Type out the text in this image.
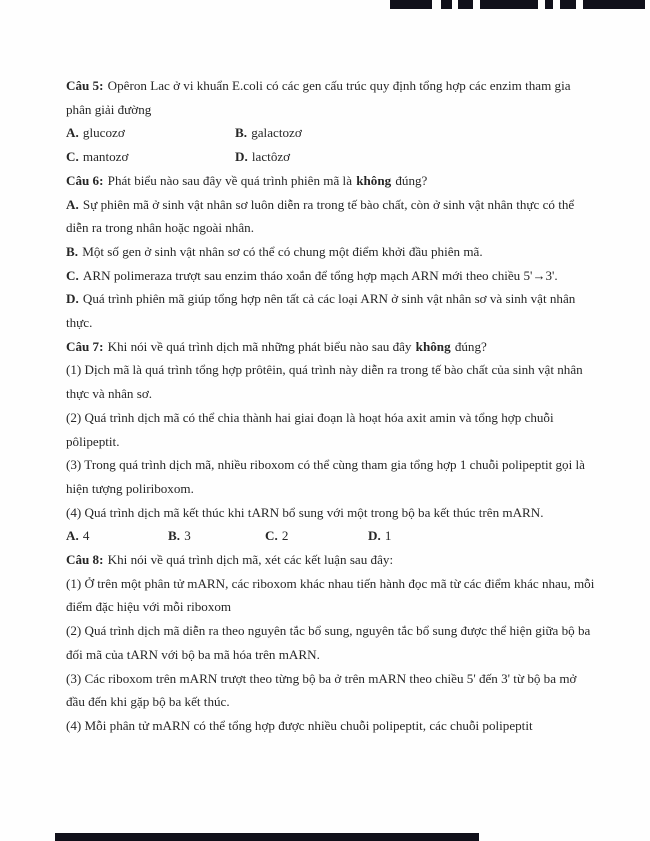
Câu 5: Opêron Lac ở vi khuẩn E.coli có các gen cấu trúc quy định tổng hợp các enzim tham gia phân giải đường

A. glucozơ	B. galactozơ
C. mantozơ	D. lactôzơ

Câu 6: Phát biểu nào sau đây về quá trình phiên mã là không đúng?

A. Sự phiên mã ở sinh vật nhân sơ luôn diễn ra trong tế bào chất, còn ở sinh vật nhân thực có thể diễn ra trong nhân hoặc ngoài nhân.

B. Một số gen ở sinh vật nhân sơ có thể có chung một điểm khởi đầu phiên mã.

C. ARN polimeraza trượt sau enzim tháo xoắn để tổng hợp mạch ARN mới theo chiều 5'→3'.

D. Quá trình phiên mã giúp tổng hợp nên tất cả các loại ARN ở sinh vật nhân sơ và sinh vật nhân thực.

Câu 7: Khi nói về quá trình dịch mã những phát biểu nào sau đây không đúng?

(1) Dịch mã là quá trình tổng hợp prôtêin, quá trình này diễn ra trong tế bào chất của sinh vật nhân thực và nhân sơ.

(2) Quá trình dịch mã có thể chia thành hai giai đoạn là hoạt hóa axit amin và tổng hợp chuỗi pôlipeptit.

(3) Trong quá trình dịch mã, nhiều riboxom có thể cùng tham gia tổng hợp 1 chuỗi polipeptit gọi là hiện tượng poliriboxom.

(4) Quá trình dịch mã kết thúc khi tARN bổ sung với một trong bộ ba kết thúc trên mARN.

A. 4	B. 3	C. 2	D. 1

Câu 8: Khi nói về quá trình dịch mã, xét các kết luận sau đây:

(1) Ở trên một phân tử mARN, các riboxom khác nhau tiến hành đọc mã từ các điểm khác nhau, mỗi điểm đặc hiệu với mỗi riboxom

(2) Quá trình dịch mã diễn ra theo nguyên tắc bổ sung, nguyên tắc bổ sung được thể hiện giữa bộ ba đối mã của tARN với bộ ba mã hóa trên mARN.

(3) Các riboxom trên mARN trượt theo từng bộ ba ở trên mARN theo chiều 5' đến 3' từ bộ ba mở đầu đến khi gặp bộ ba kết thúc.

(4) Mỗi phân tử mARN có thể tổng hợp được nhiều chuỗi polipeptit, các chuỗi polipeptit
